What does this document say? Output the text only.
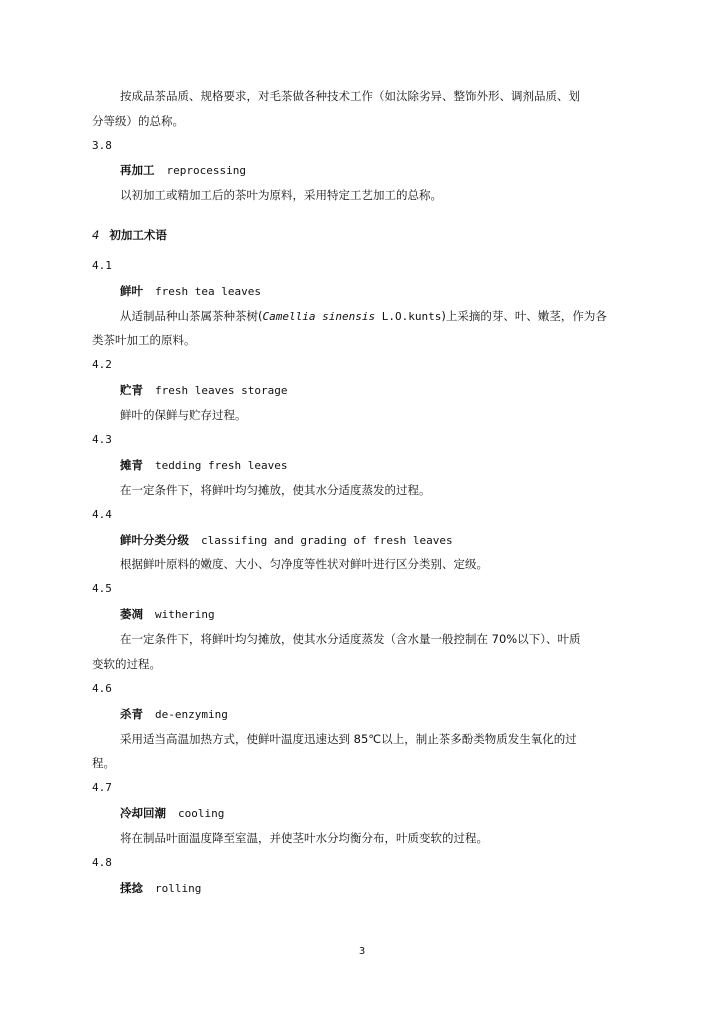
按成品茶品质、规格要求，对毛茶做各种技术工作（如汰除劣异、整饰外形、调剂品质、划
分等级）的总称。
3.8
再加工 reprocessing
以初加工或精加工后的茶叶为原料，采用特定工艺加工的总称。
4 初加工术语
4.1
鲜叶 fresh tea leaves
从适制品种山茶属茶种茶树(Camellia sinensis L.O.kunts)上采摘的芽、叶、嫩茎，作为各
类茶叶加工的原料。
4.2
贮青 fresh leaves storage
鲜叶的保鲜与贮存过程。
4.3
摊青 tedding fresh leaves
在一定条件下，将鲜叶均匀摊放，使其水分适度蒸发的过程。
4.4
鲜叶分类分级 classifing and grading of fresh leaves
根据鲜叶原料的嫩度、大小、匀净度等性状对鲜叶进行区分类别、定级。
4.5
萎凋 withering
在一定条件下，将鲜叶均匀摊放，使其水分适度蒸发（含水量一般控制在 70%以下）、叶质
变软的过程。
4.6
杀青 de-enzyming
采用适当高温加热方式，使鲜叶温度迅速达到 85℃以上，制止茶多酚类物质发生氧化的过
程。
4.7
冷却回潮 cooling
将在制品叶面温度降至室温，并使茎叶水分均衡分布，叶质变软的过程。
4.8
揉捻 rolling
3
